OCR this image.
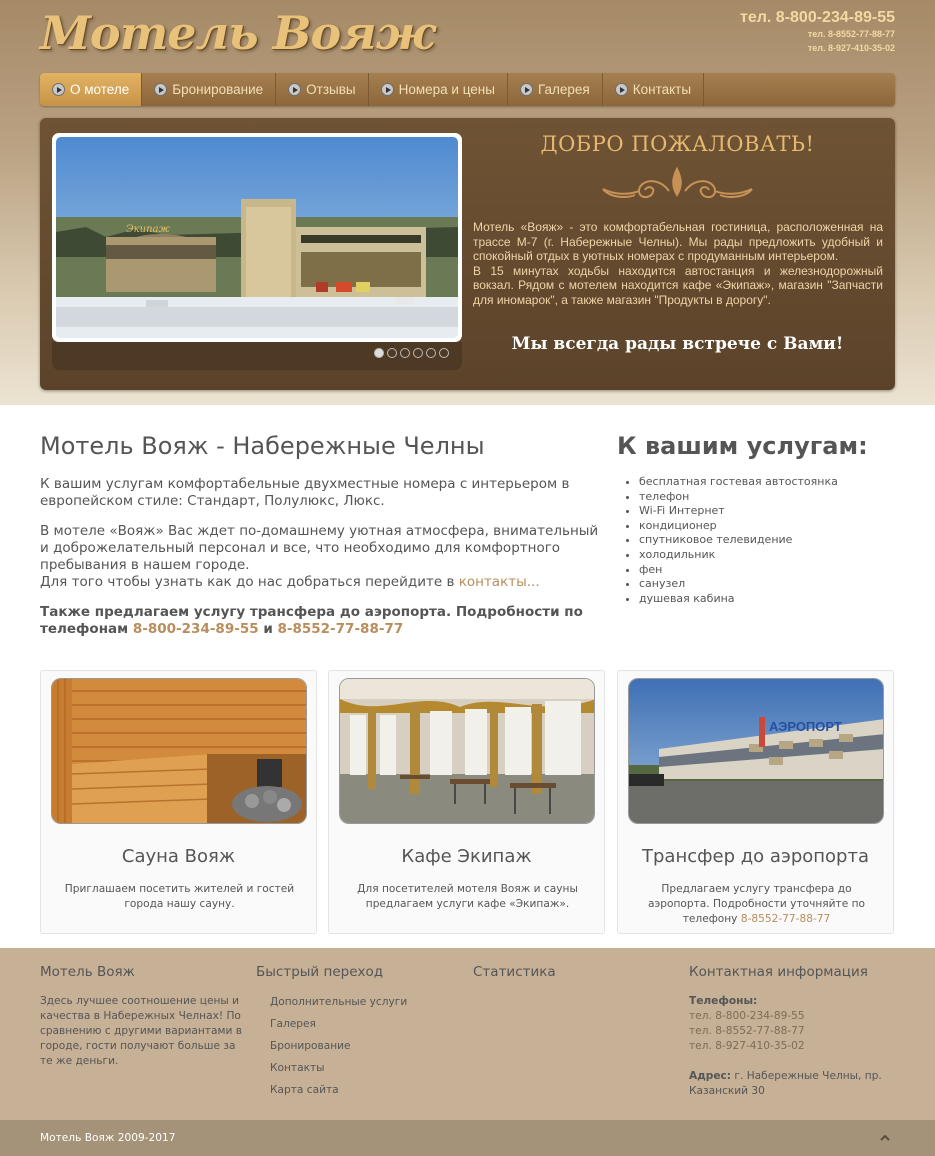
Мотель Вояж	тел. 8-800-234-89-55
тел. 8-8552-77-88-77
тел. 8-927-410-35-02
О мотеле	Бронирование	Отзывы	Номера и цены	Галерея	Контакты
Экипаж
ДОБРО ПОЖАЛОВАТЬ!
Мотель «Вояж» - это комфортабельная гостиница, расположенная на трассе М-7 (г. Набережные Челны). Мы рады предложить удобный и спокойный отдых в уютных номерах с продуманным интерьером.
В 15 минутах ходьбы находится автостанция и железнодорожный вокзал. Рядом с мотелем находится кафе «Экипаж», магазин "Запчасти для иномарок", а также магазин "Продукты в дорогу".
Мы всегда рады встрече с Вами!
Мотель Вояж - Набережные Челны

К вашим услугам комфортабельные двухместные номера с интерьером в европейском стиле: Стандарт, Полулюкс, Люкс.

В мотеле «Вояж» Вас ждет по-домашнему уютная атмосфера, внимательный и доброжелательный персонал и все, что необходимо для комфортного пребывания в нашем городе.
Для того чтобы узнать как до нас добраться перейдите в контакты...

Также предлагаем услугу трансфера до аэропорта. Подробности по телефонам 8-800-234-89-55 и 8-8552-77-88-77

К вашим услугам:
• бесплатная гостевая автостоянка
• телефон
• Wi-Fi Интернет
• кондиционер
• спутниковое телевидение
• холодильник
• фен
• санузел
• душевая кабина
Сауна Вояж
Приглашаем посетить жителей и гостей города нашу сауну.
Кафе Экипаж
Для посетителей мотеля Вояж и сауны предлагаем услуги кафе «Экипаж».
АЭРОПОРТ
Трансфер до аэропорта
Предлагаем услугу трансфера до аэропорта. Подробности уточняйте по телефону 8-8552-77-88-77
Мотель Вояж
Здесь лучшее соотношение цены и качества в Набережных Челнах! По сравнению с другими вариантами в городе, гости получают больше за те же деньги.
Быстрый переход
Дополнительные услуги
Галерея
Бронирование
Контакты
Карта сайта
Статистика	Контактная информация
Телефоны:
тел. 8-800-234-89-55
тел. 8-8552-77-88-77
тел. 8-927-410-35-02
Адрес: г. Набережные Челны, пр. Казанский 30
Мотель Вояж 2009-2017
